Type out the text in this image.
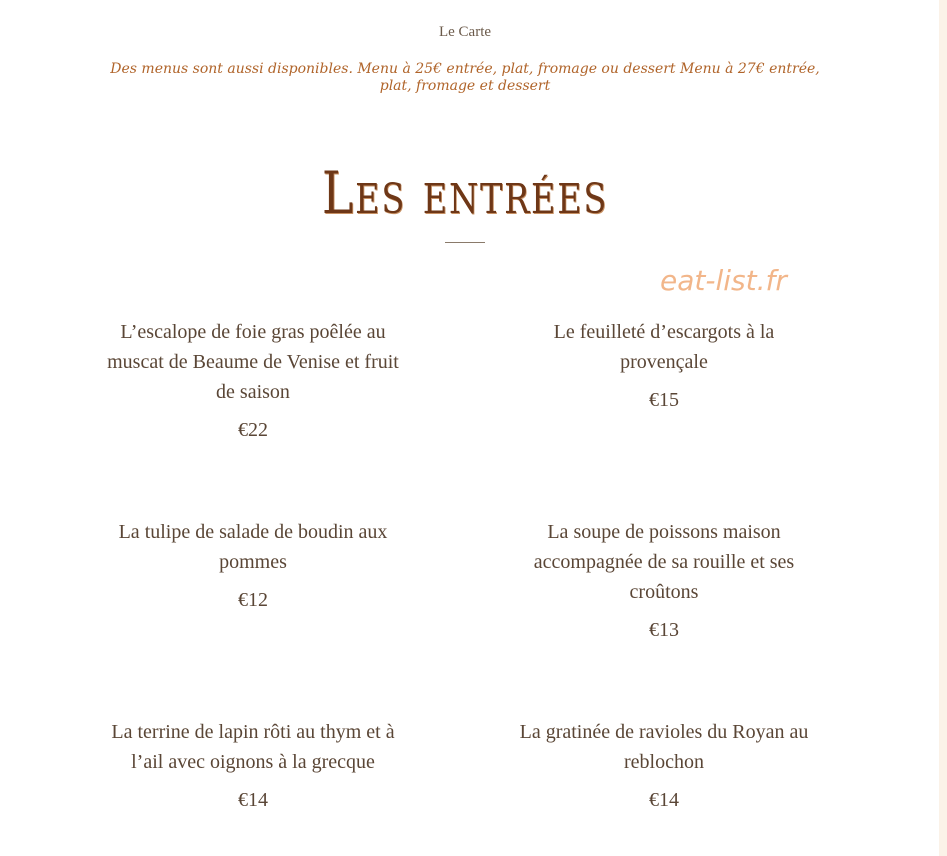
Le Carte
Des menus sont aussi disponibles. Menu à 25€ entrée, plat, fromage ou dessert Menu à 27€ entrée, plat, fromage et dessert
Les entrées
eat-list.fr
L’escalope de foie gras poêlée au muscat de Beaume de Venise et fruit de saison
€22
Le feuilleté d’escargots à la provençale
€15
La tulipe de salade de boudin aux pommes
€12
La soupe de poissons maison accompagnée de sa rouille et ses croûtons
€13
La terrine de lapin rôti au thym et à l’ail avec oignons à la grecque
€14
La gratinée de ravioles du Royan au reblochon
€14
